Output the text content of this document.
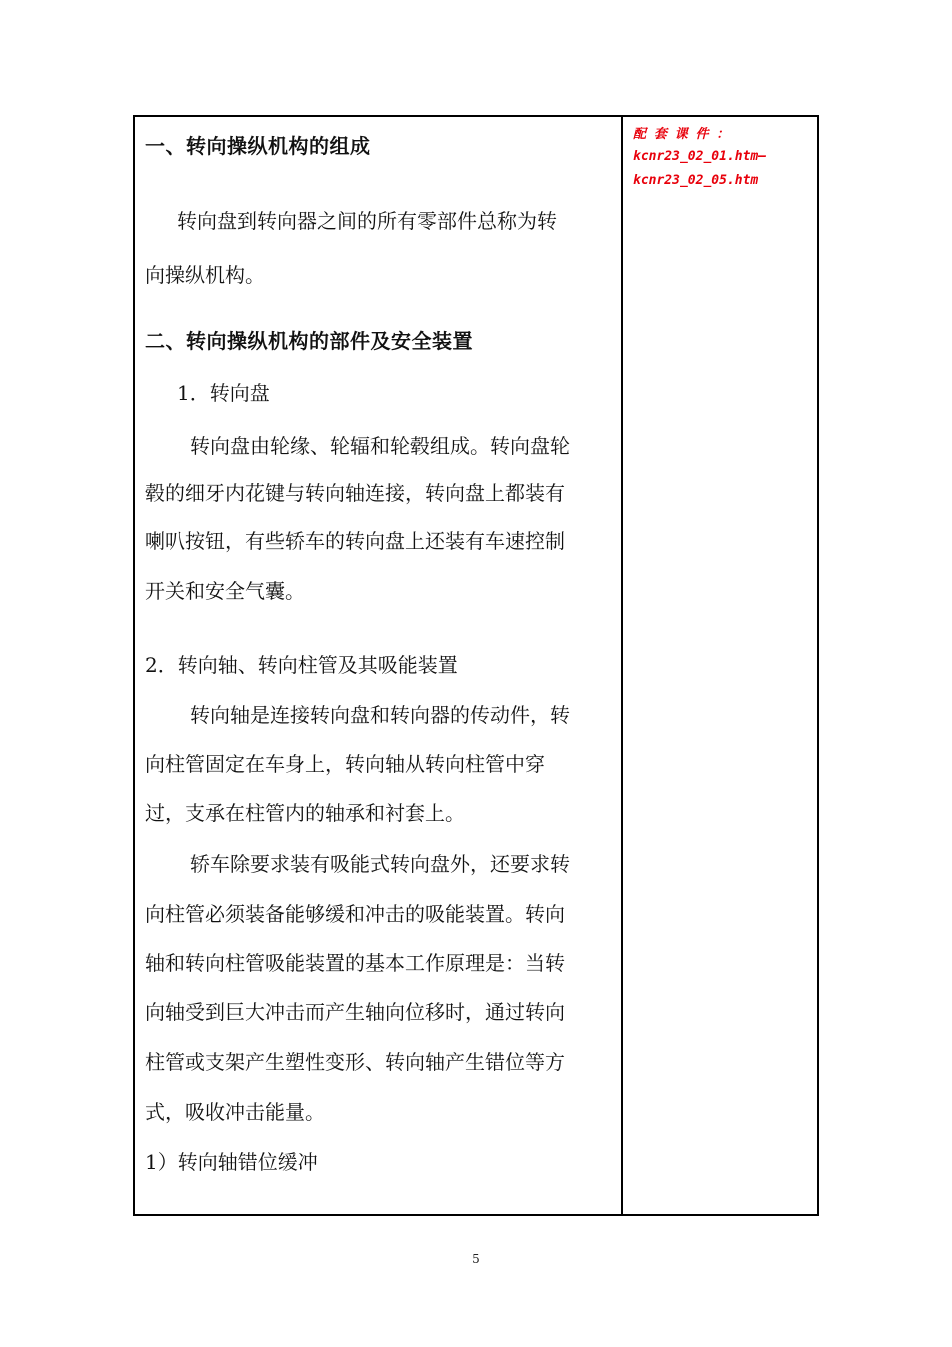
一、转向操纵机构的组成
转向盘到转向器之间的所有零部件总称为转
向操纵机构。
二、转向操纵机构的部件及安全装置
1．转向盘
转向盘由轮缘、轮辐和轮毂组成。转向盘轮
毂的细牙内花键与转向轴连接，转向盘上都装有
喇叭按钮，有些轿车的转向盘上还装有车速控制
开关和安全气囊。
2．转向轴、转向柱管及其吸能装置
转向轴是连接转向盘和转向器的传动件，转
向柱管固定在车身上，转向轴从转向柱管中穿
过，支承在柱管内的轴承和衬套上。
轿车除要求装有吸能式转向盘外，还要求转
向柱管必须装备能够缓和冲击的吸能装置。转向
轴和转向柱管吸能装置的基本工作原理是：当转
向轴受到巨大冲击而产生轴向位移时，通过转向
柱管或支架产生塑性变形、转向轴产生错位等方
式，吸收冲击能量。
1）转向轴错位缓冲
配 套 课 件 ：
kcnr23_02_01.htm—
kcnr23_02_05.htm
5
